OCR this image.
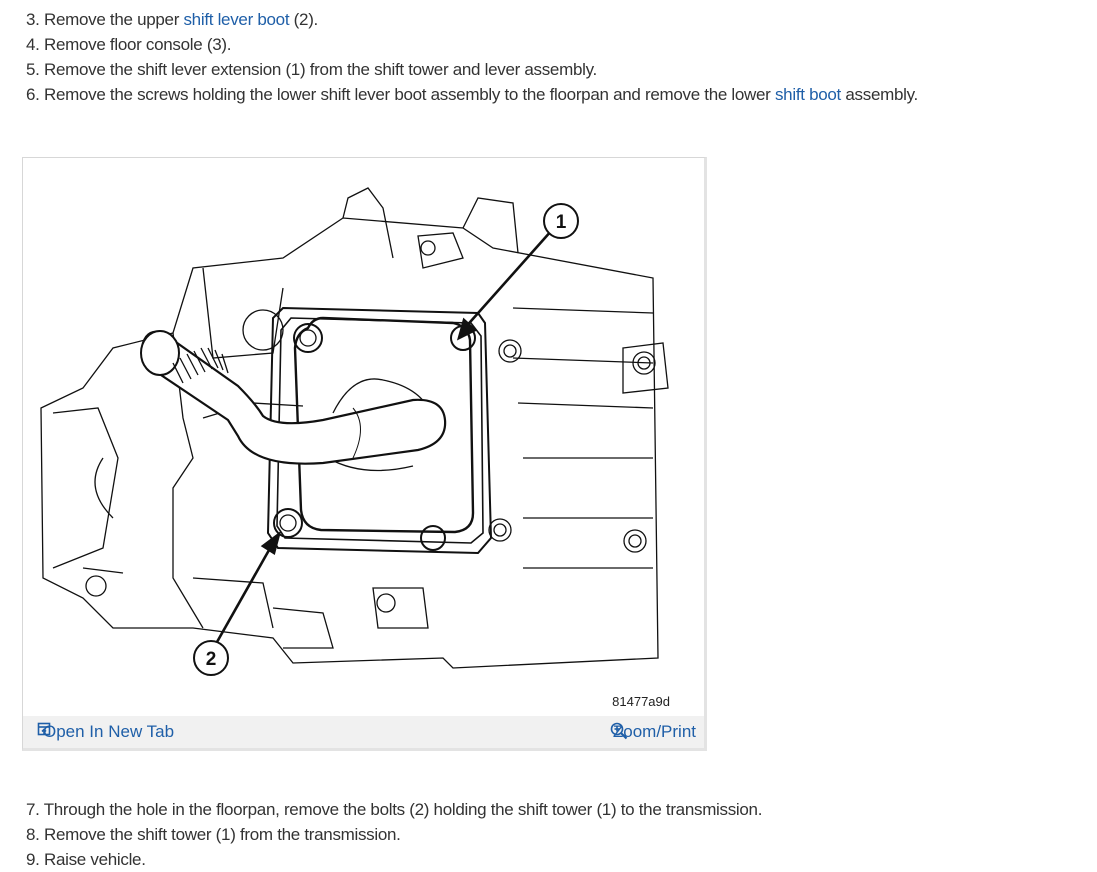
3. Remove the upper shift lever boot (2).
4. Remove floor console (3).
5. Remove the shift lever extension (1) from the shift tower and lever assembly.
6. Remove the screws holding the lower shift lever boot assembly to the floorpan and remove the lower shift boot assembly.
1
2
81477a9d
Open In New Tab	Zoom/Print
7. Through the hole in the floorpan, remove the bolts (2) holding the shift tower (1) to the transmission.
8. Remove the shift tower (1) from the transmission.
9. Raise vehicle.
